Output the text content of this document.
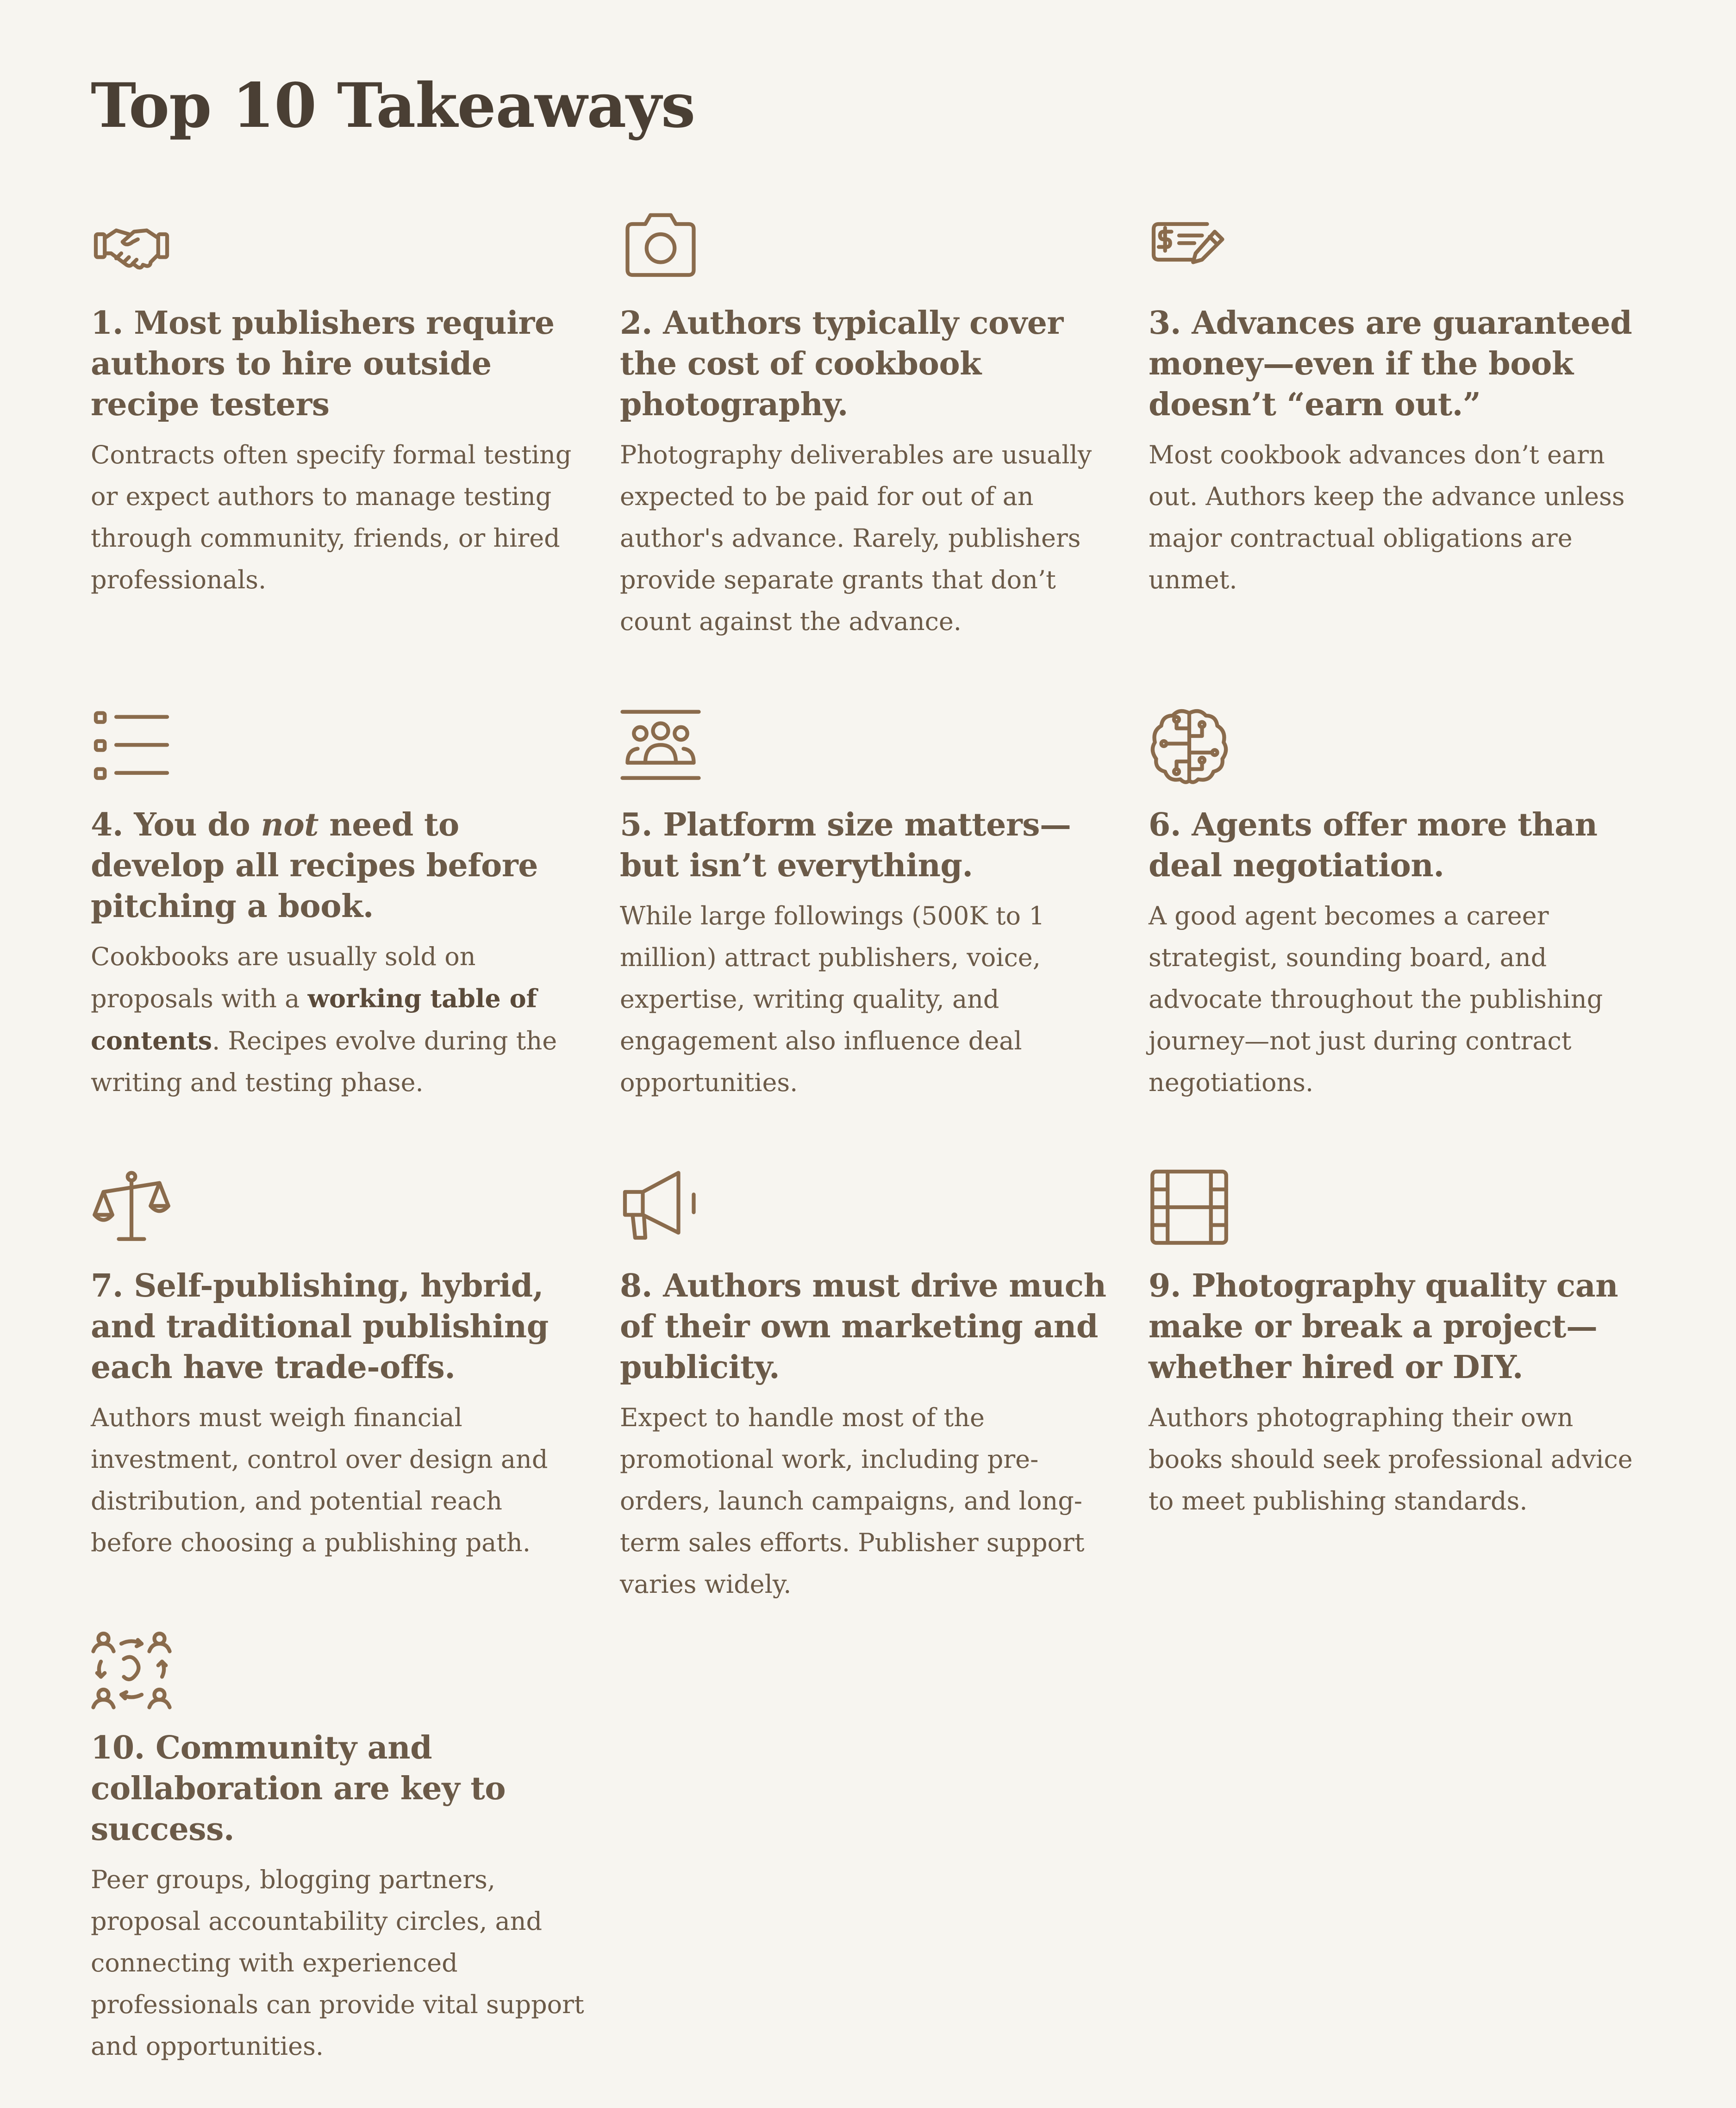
Top 10 Takeaways
1. Most publishers require authors to hire outside recipe testers

Contracts often specify formal testing or expect authors to manage testing through community, friends, or hired professionals.

2. Authors typically cover the cost of cookbook photography.

Photography deliverables are usually expected to be paid for out of an author's advance. Rarely, publishers provide separate grants that don’t count against the advance.

3. Advances are guaranteed money—even if the book doesn’t “earn out.”

Most cookbook advances don’t earn out. Authors keep the advance unless major contractual obligations are unmet.

4. You do not need to develop all recipes before pitching a book.

Cookbooks are usually sold on proposals with a working table of contents. Recipes evolve during the writing and testing phase.

5. Platform size matters—but isn’t everything.

While large followings (500K to 1 million) attract publishers, voice, expertise, writing quality, and engagement also influence deal opportunities.

6. Agents offer more than deal negotiation.

A good agent becomes a career strategist, sounding board, and advocate throughout the publishing journey—not just during contract negotiations.

7. Self-publishing, hybrid, and traditional publishing each have trade-offs.

Authors must weigh financial investment, control over design and distribution, and potential reach before choosing a publishing path.

8. Authors must drive much of their own marketing and publicity.

Expect to handle most of the promotional work, including pre-orders, launch campaigns, and long-term sales efforts. Publisher support varies widely.

9. Photography quality can make or break a project—whether hired or DIY.

Authors photographing their own books should seek professional advice to meet publishing standards.

10. Community and collaboration are key to success.

Peer groups, blogging partners, proposal accountability circles, and connecting with experienced professionals can provide vital support and opportunities.
